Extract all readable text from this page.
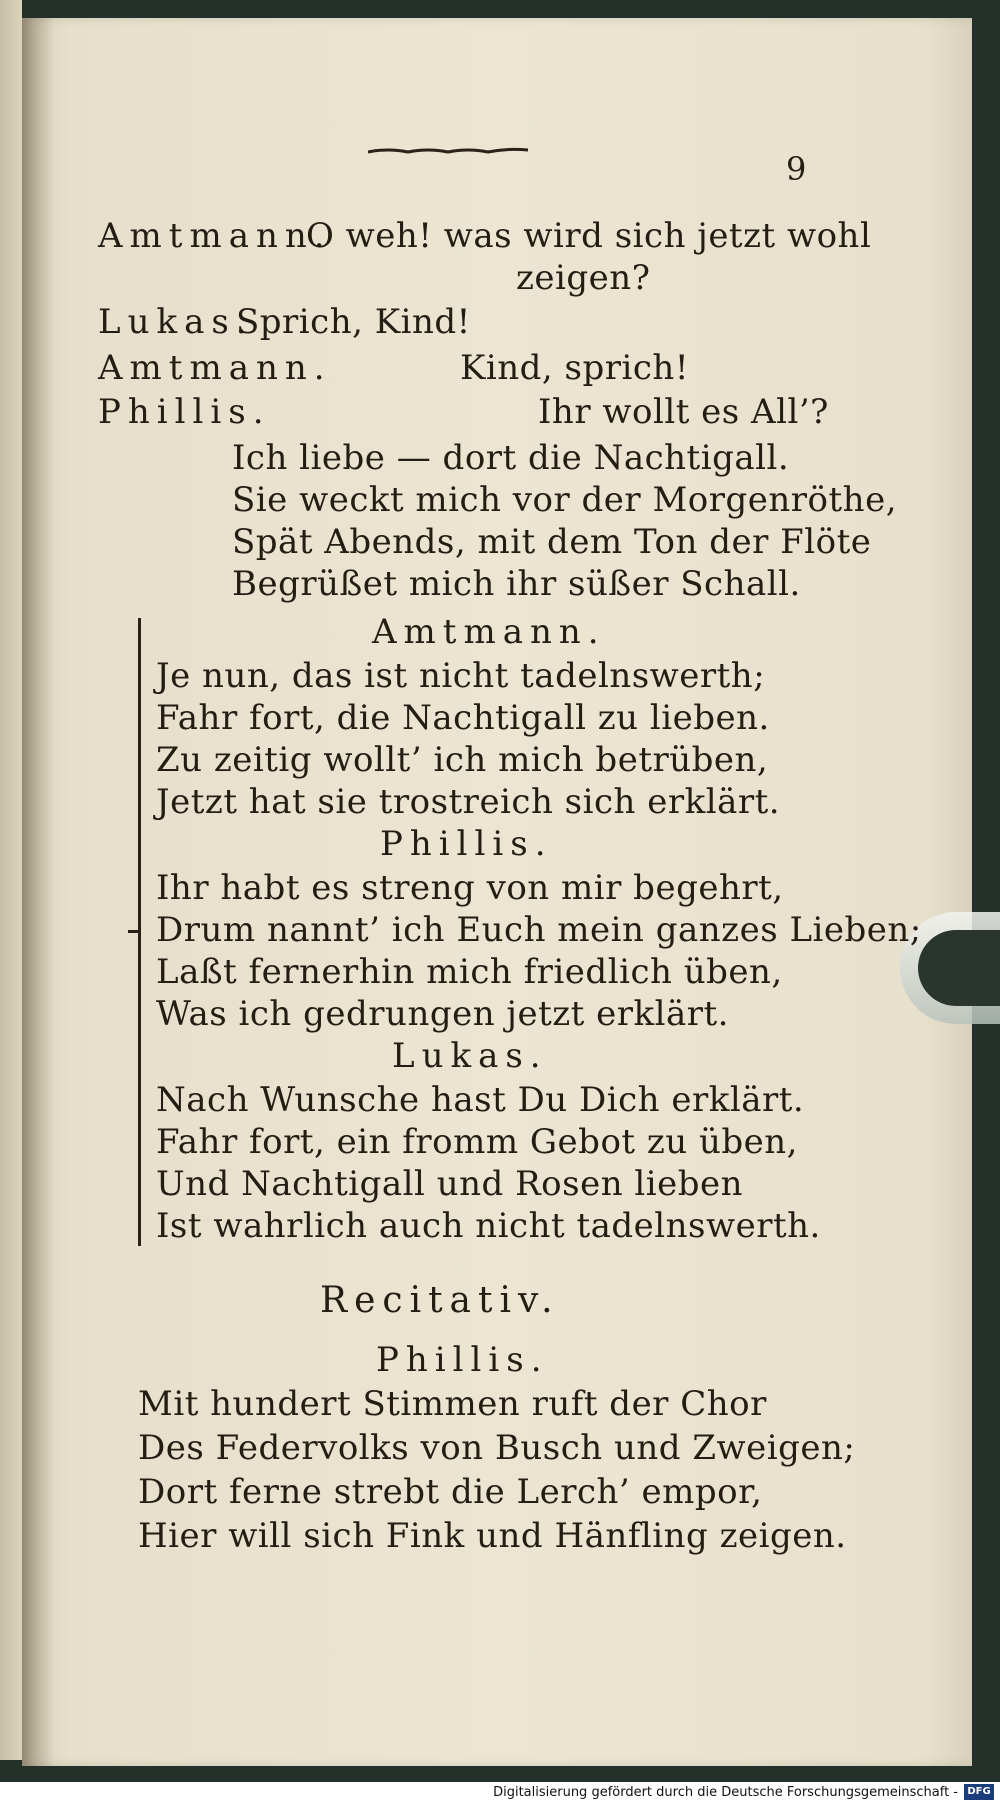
9
Amtmann.
O weh! was wird sich jetzt wohl
zeigen?
Lukas.
Sprich, Kind!
Amtmann.	Kind, sprich!
Phillis.	Ihr wollt es All’?
Ich liebe — dort die Nachtigall.
Sie weckt mich vor der Morgenröthe,
Spät Abends, mit dem Ton der Flöte
Begrüßet mich ihr süßer Schall.
Amtmann.
Je nun, das ist nicht tadelnswerth;
Fahr fort, die Nachtigall zu lieben.
Zu zeitig wollt’ ich mich betrüben,
Jetzt hat sie trostreich sich erklärt.
Phillis.
Ihr habt es streng von mir begehrt,
Drum nannt’ ich Euch mein ganzes Lieben;
Laßt fernerhin mich friedlich üben,
Was ich gedrungen jetzt erklärt.
Lukas.
Nach Wunsche hast Du Dich erklärt.
Fahr fort, ein fromm Gebot zu üben,
Und Nachtigall und Rosen lieben
Ist wahrlich auch nicht tadelnswerth.
Recitativ.
Phillis.
Mit hundert Stimmen ruft der Chor
Des Federvolks von Busch und Zweigen;
Dort ferne strebt die Lerch’ empor,
Hier will sich Fink und Hänfling zeigen.
Digitalisierung gefördert durch die Deutsche Forschungsgemeinschaft - DFG
